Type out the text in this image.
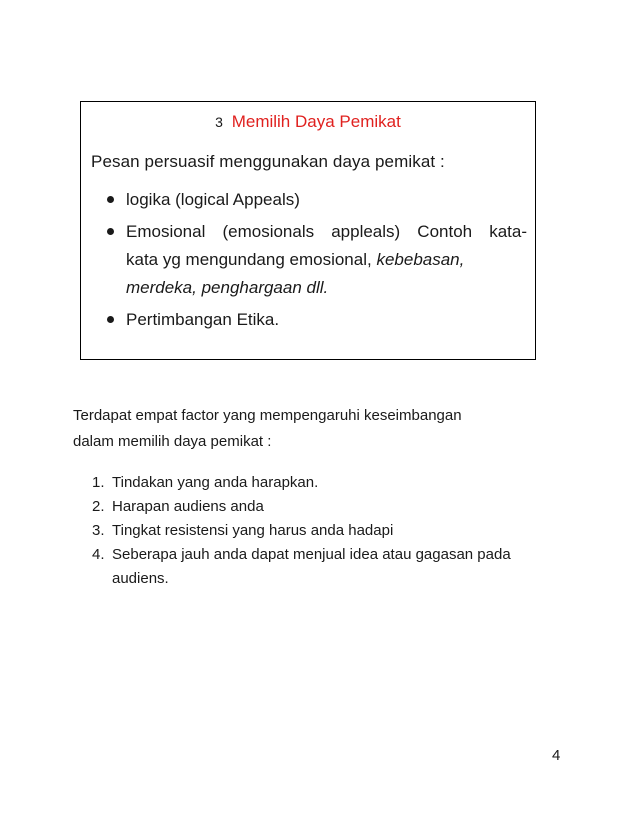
3 Memilih Daya Pemikat
Pesan persuasif menggunakan daya pemikat :
logika (logical Appeals)
Emosional (emosionals appleals) Contoh kata-
kata yg mengundang emosional, kebebasan,
merdeka, penghargaan dll.
Pertimbangan Etika.
Terdapat empat factor yang mempengaruhi keseimbangan
dalam memilih daya pemikat :
1. Tindakan yang anda harapkan.
2. Harapan audiens anda
3. Tingkat resistensi yang harus anda hadapi
4. Seberapa jauh anda dapat menjual idea atau gagasan pada
audiens.
4
